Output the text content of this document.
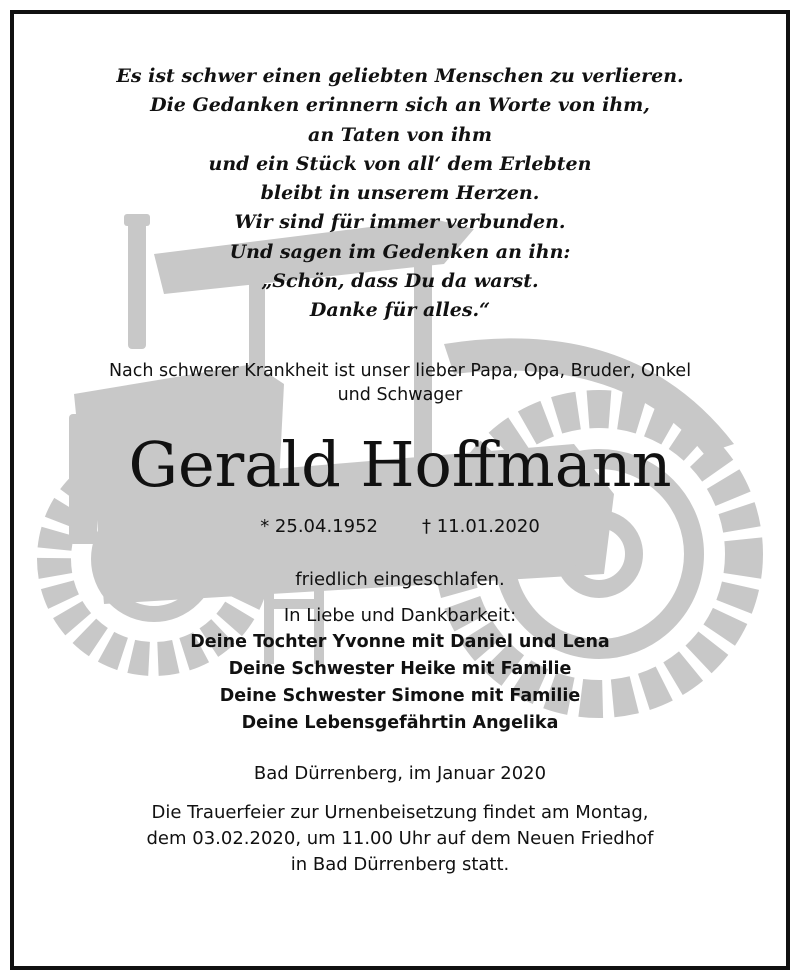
Es ist schwer einen geliebten Menschen zu verlieren.
Die Gedanken erinnern sich an Worte von ihm,
an Taten von ihm
und ein Stück von all‘ dem Erlebten
bleibt in unserem Herzen.
Wir sind für immer verbunden.
Und sagen im Gedenken an ihn:
„Schön, dass Du da warst.
Danke für alles.“
Nach schwerer Krankheit ist unser lieber Papa, Opa, Bruder, Onkel
und Schwager
Gerald Hoffmann
* 25.04.1952 † 11.01.2020
friedlich eingeschlafen.
In Liebe und Dankbarkeit:
Deine Tochter Yvonne mit Daniel und Lena
Deine Schwester Heike mit Familie
Deine Schwester Simone mit Familie
Deine Lebensgefährtin Angelika
Bad Dürrenberg, im Januar 2020
Die Trauerfeier zur Urnenbeisetzung findet am Montag,
dem 03.02.2020, um 11.00 Uhr auf dem Neuen Friedhof
in Bad Dürrenberg statt.
